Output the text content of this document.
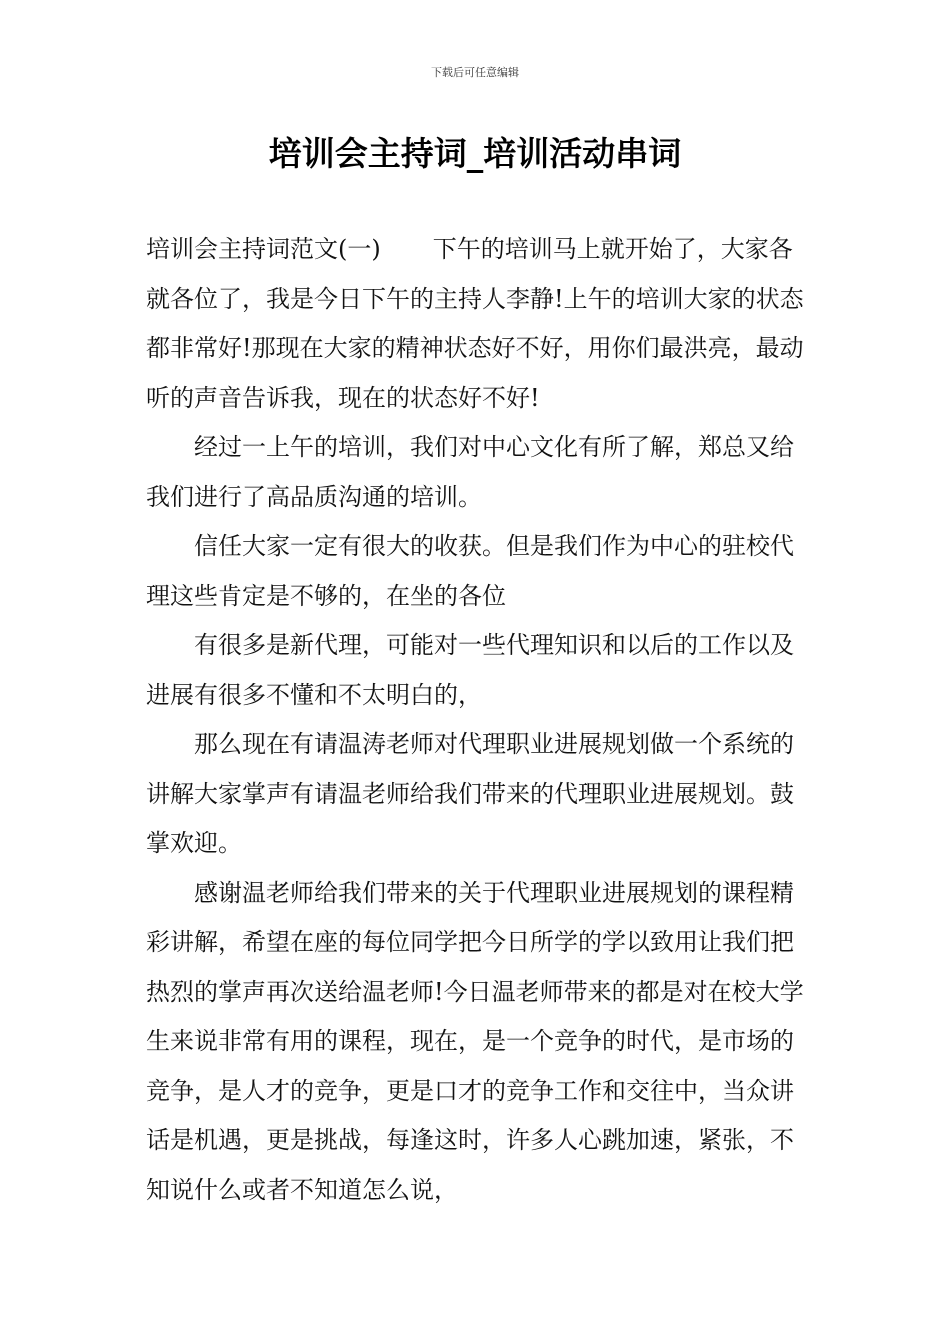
下载后可任意编辑
培训会主持词_培训活动串词

培训会主持词范文(一) 下午的培训马上就开始了，大家各就各位了，我是今日下午的主持人李静!上午的培训大家的状态都非常好!那现在大家的精神状态好不好，用你们最洪亮，最动听的声音告诉我，现在的状态好不好!

经过一上午的培训，我们对中心文化有所了解，郑总又给我们进行了高品质沟通的培训。

信任大家一定有很大的收获。但是我们作为中心的驻校代理这些肯定是不够的，在坐的各位

有很多是新代理，可能对一些代理知识和以后的工作以及进展有很多不懂和不太明白的，

那么现在有请温涛老师对代理职业进展规划做一个系统的讲解大家掌声有请温老师给我们带来的代理职业进展规划。鼓掌欢迎。

感谢温老师给我们带来的关于代理职业进展规划的课程精彩讲解，希望在座的每位同学把今日所学的学以致用让我们把热烈的掌声再次送给温老师!今日温老师带来的都是对在校大学生来说非常有用的课程，现在，是一个竞争的时代，是市场的竞争，是人才的竞争，更是口才的竞争工作和交往中，当众讲话是机遇，更是挑战，每逢这时，许多人心跳加速，紧张，不知说什么或者不知道怎么说，
